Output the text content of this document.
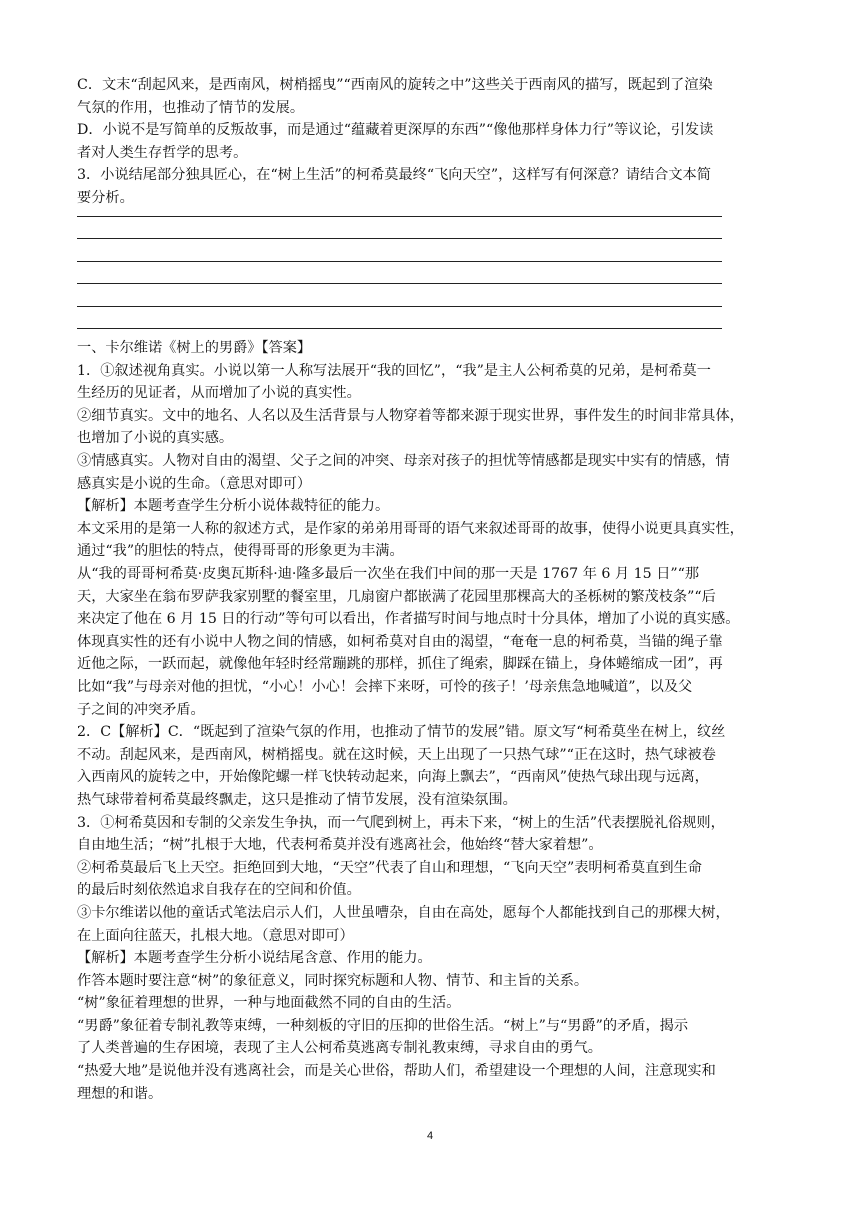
C．文末“刮起风来，是西南风，树梢摇曳”“西南风的旋转之中”这些关于西南风的描写，既起到了渲染
气氛的作用，也推动了情节的发展。
D．小说不是写简单的反叛故事，而是通过“蕴藏着更深厚的东西”“像他那样身体力行”等议论，引发读
者对人类生存哲学的思考。
3．小说结尾部分独具匠心，在“树上生活”的柯希莫最终“飞向天空”，这样写有何深意？请结合文本简
要分析。
一、卡尔维诺《树上的男爵》【答案】
1．①叙述视角真实。小说以第一人称写法展开“我的回忆”，“我”是主人公柯希莫的兄弟，是柯希莫一
生经历的见证者，从而增加了小说的真实性。
②细节真实。文中的地名、人名以及生活背景与人物穿着等都来源于现实世界，事件发生的时间非常具体，
也增加了小说的真实感。
③情感真实。人物对自由的渴望、父子之间的冲突、母亲对孩子的担忧等情感都是现实中实有的情感，情
感真实是小说的生命。（意思对即可）
【解析】本题考查学生分析小说体裁特征的能力。
本文采用的是第一人称的叙述方式，是作家的弟弟用哥哥的语气来叙述哥哥的故事，使得小说更具真实性，
通过“我”的胆怯的特点，使得哥哥的形象更为丰满。
从“我的哥哥柯希莫·皮奥瓦斯科·迪·隆多最后一次坐在我们中间的那一天是 1767 年 6 月 15 日”“那
天，大家坐在翁布罗萨我家别墅的餐室里，几扇窗户都嵌满了花园里那棵高大的圣栎树的繁茂枝条”“后
来决定了他在 6 月 15 日的行动”等句可以看出，作者描写时间与地点时十分具体，增加了小说的真实感。
体现真实性的还有小说中人物之间的情感，如柯希莫对自由的渴望，“奄奄一息的柯希莫，当锚的绳子靠
近他之际，一跃而起，就像他年轻时经常蹦跳的那样，抓住了绳索，脚踩在锚上，身体蜷缩成一团”，再
比如“我”与母亲对他的担忧，“小心！小心！会摔下来呀，可怜的孩子！’母亲焦急地喊道”，以及父
子之间的冲突矛盾。
2．C【解析】C．“既起到了渲染气氛的作用，也推动了情节的发展”错。原文写“柯希莫坐在树上，纹丝
不动。刮起风来，是西南风，树梢摇曳。就在这时候，天上出现了一只热气球”“正在这时，热气球被卷
入西南风的旋转之中，开始像陀螺一样飞快转动起来，向海上飘去”，“西南风”使热气球出现与远离，
热气球带着柯希莫最终飘走，这只是推动了情节发展，没有渲染氛围。
3．①柯希莫因和专制的父亲发生争执，而一气爬到树上，再未下来，“树上的生活”代表摆脱礼俗规则，
自由地生活；“树”扎根于大地，代表柯希莫并没有逃离社会，他始终“替大家着想”。
②柯希莫最后飞上天空。拒绝回到大地，“天空”代表了自山和理想，“飞向天空”表明柯希莫直到生命
的最后时刻依然追求自我存在的空间和价值。
③卡尔维诺以他的童话式笔法启示人们，人世虽嘈杂，自由在高处，愿每个人都能找到自己的那棵大树，
在上面向往蓝天，扎根大地。（意思对即可）
【解析】本题考查学生分析小说结尾含意、作用的能力。
作答本题时要注意“树”的象征意义，同时探究标题和人物、情节、和主旨的关系。
“树”象征着理想的世界，一种与地面截然不同的自由的生活。
“男爵”象征着专制礼教等束缚，一种刻板的守旧的压抑的世俗生活。“树上”与“男爵”的矛盾，揭示
了人类普遍的生存困境，表现了主人公柯希莫逃离专制礼教束缚，寻求自由的勇气。
“热爱大地”是说他并没有逃离社会，而是关心世俗，帮助人们，希望建设一个理想的人间，注意现实和
理想的和谐。
4
